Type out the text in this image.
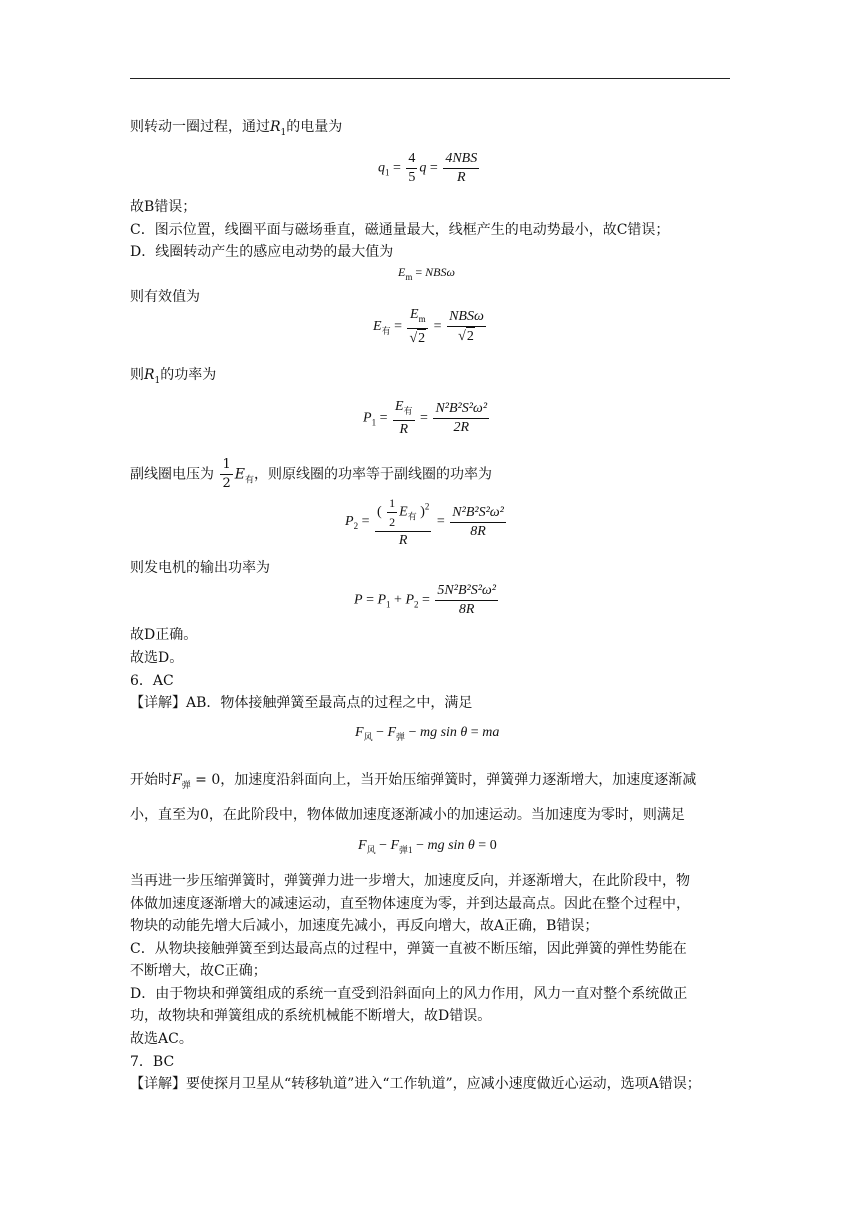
则转动一圈过程，通过$R_1$的电量为
$q_1 = \frac{4}{5}$ $q = \frac{\text{4NBS}}{R}$
故B错误；
C．图示位置，线圈平面与磁场垂直，磁通量最大，线框产生的电动势最小，故C错误；
D．线圈转动产生的感应电动势的最大值为
$E_m = NBS\omega$
则有效值为
$E_有 = \frac{E_m}{√2} = \frac{\text{NBSω}}{√2}$
则$R_1$的功率为
$P_1 = \frac{E_有}{R} = \frac{\text{N²B²S²ω²}}{2R}$
副线圈电压为 $\frac{1}{2} E_有$，则原线圈的功率等于副线圈的功率为
$P_2 = \frac{( \frac{1}{2} E_有 )^2}{R} = \frac{\text{N²B²S²ω²}}{8R}$
则发电机的输出功率为
$P = P_1 + P_2 = \frac{\text{5N²B²S²ω²}}{8R}$
故D正确。
故选D。
6．AC
【详解】AB．物体接触弹簧至最高点的过程之中，满足
$F_风 - F_弹$ − mg sin θ = ma
开始时$F_弹 = 0$，加速度沿斜面向上，当开始压缩弹簧时，弹簧弹力逐渐增大，加速度逐渐减
小，直至为0，在此阶段中，物体做加速度逐渐减小的加速运动。当加速度为零时，则满足
$F_风 - F_{弹1}$ − mg sin θ = 0
当再进一步压缩弹簧时，弹簧弹力进一步增大，加速度反向，并逐渐增大，在此阶段中，物
体做加速度逐渐增大的减速运动，直至物体速度为零，并到达最高点。因此在整个过程中，
物块的动能先增大后减小，加速度先减小，再反向增大，故A正确，B错误；
C．从物块接触弹簧至到达最高点的过程中，弹簧一直被不断压缩，因此弹簧的弹性势能在
不断增大，故C正确；
D．由于物块和弹簧组成的系统一直受到沿斜面向上的风力作用，风力一直对整个系统做正
功，故物块和弹簧组成的系统机械能不断增大，故D错误。
故选AC。
7．BC
【详解】要使探月卫星从“转移轨道”进入“工作轨道”，应减小速度做近心运动，选项A错误；
